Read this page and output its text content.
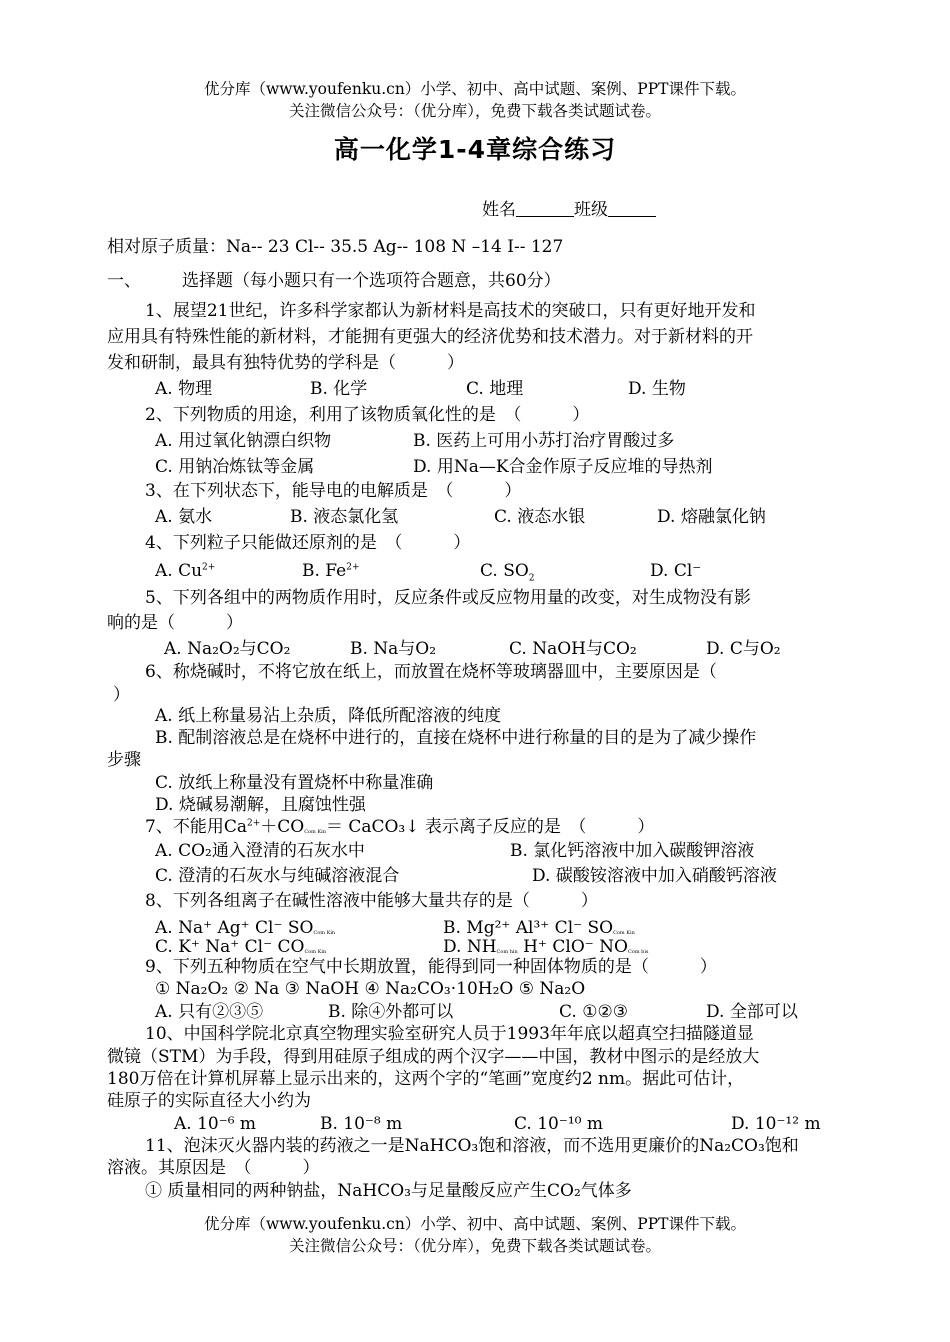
优分库（www.youfenku.cn）小学、初中、高中试题、案例、PPT课件下载。
关注微信公众号：（优分库），免费下载各类试题试卷。
高一化学1-4章综合练习
姓名	班级
相对原子质量：Na-- 23 Cl-- 35.5 Ag-- 108 N –14 I-- 127
一、 选择题（每小题只有一个选项符合题意，共60分）
1、展望21世纪，许多科学家都认为新材料是高技术的突破口，只有更好地开发和
应用具有特殊性能的新材料，才能拥有更强大的经济优势和技术潜力。对于新材料的开
发和研制，最具有独特优势的学科是（　　　）
A. 物理	B. 化学	C. 地理	D. 生物
2、下列物质的用途，利用了该物质氧化性的是　（　　　）
A. 用过氧化钠漂白织物	B. 医药上可用小苏打治疗胃酸过多
C. 用钠冶炼钛等金属	D. 用Na—K合金作原子反应堆的导热剂
3、在下列状态下，能导电的电解质是　（　　　）
A. 氨水	B. 液态氯化氢	C. 液态水银	D. 熔融氯化钠
4、下列粒子只能做还原剂的是　（　　　）
A. $Cu^{2+}$	B. $Fe^{2+}$	C. $SO_2$	D. Cl⁻
5、下列各组中的两物质作用时，反应条件或反应物用量的改变，对生成物没有影
响的是（　　　）
A. Na₂O₂与CO₂	B. Na与O₂	C. NaOH与CO₂	D. C与O₂
6、称烧碱时，不将它放在纸上，而放置在烧杯等玻璃器皿中，主要原因是（
）
A. 纸上称量易沾上杂质，降低所配溶液的纯度
B. 配制溶液总是在烧杯中进行的，直接在烧杯中进行称量的目的是为了减少操作
步骤
C. 放纸上称量没有置烧杯中称量准确
D. 烧碱易潮解，且腐蚀性强
7、不能用$Ca^{2+}+COCom$ Kin＝ CaCO₃↓ 表示离子反应的是　（　　　）
A. CO₂通入澄清的石灰水中	B. 氯化钙溶液中加入碳酸钾溶液
C. 澄清的石灰水与纯碱溶液混合	D. 碳酸铵溶液中加入硝酸钙溶液
8、下列各组离子在碱性溶液中能够大量共存的是（　　　）
A. Na⁺ Ag⁺ Cl⁻ SOCom Kin	B. Mg²⁺ Al³⁺ Cl⁻ SOCom Kin
C. K⁺ Na⁺ Cl⁻ COCom Kin	D. NHCom hin H⁺ ClO⁻ NOCom bis
9、下列五种物质在空气中长期放置，能得到同一种固体物质的是（　　　）
① Na₂O₂ ② Na ③ NaOH ④ Na₂CO₃·10H₂O ⑤ Na₂O
A. 只有②③⑤	B. 除④外都可以	C. ①②③	D. 全部可以
10、中国科学院北京真空物理实验室研究人员于1993年年底以超真空扫描隧道显
微镜（STM）为手段，得到用硅原子组成的两个汉字——中国，教材中图示的是经放大
180万倍在计算机屏幕上显示出来的，这两个字的“笔画”宽度约2 nm。据此可估计，
硅原子的实际直径大小约为
A. 10⁻⁶ m	B. 10⁻⁸ m	C. 10⁻¹⁰ m	D. 10⁻¹² m
11、泡沫灭火器内装的药液之一是NaHCO₃饱和溶液，而不选用更廉价的Na₂CO₃饱和
溶液。其原因是　（　　　）
① 质量相同的两种钠盐，NaHCO₃与足量酸反应产生CO₂气体多
优分库（www.youfenku.cn）小学、初中、高中试题、案例、PPT课件下载。
关注微信公众号：（优分库），免费下载各类试题试卷。
